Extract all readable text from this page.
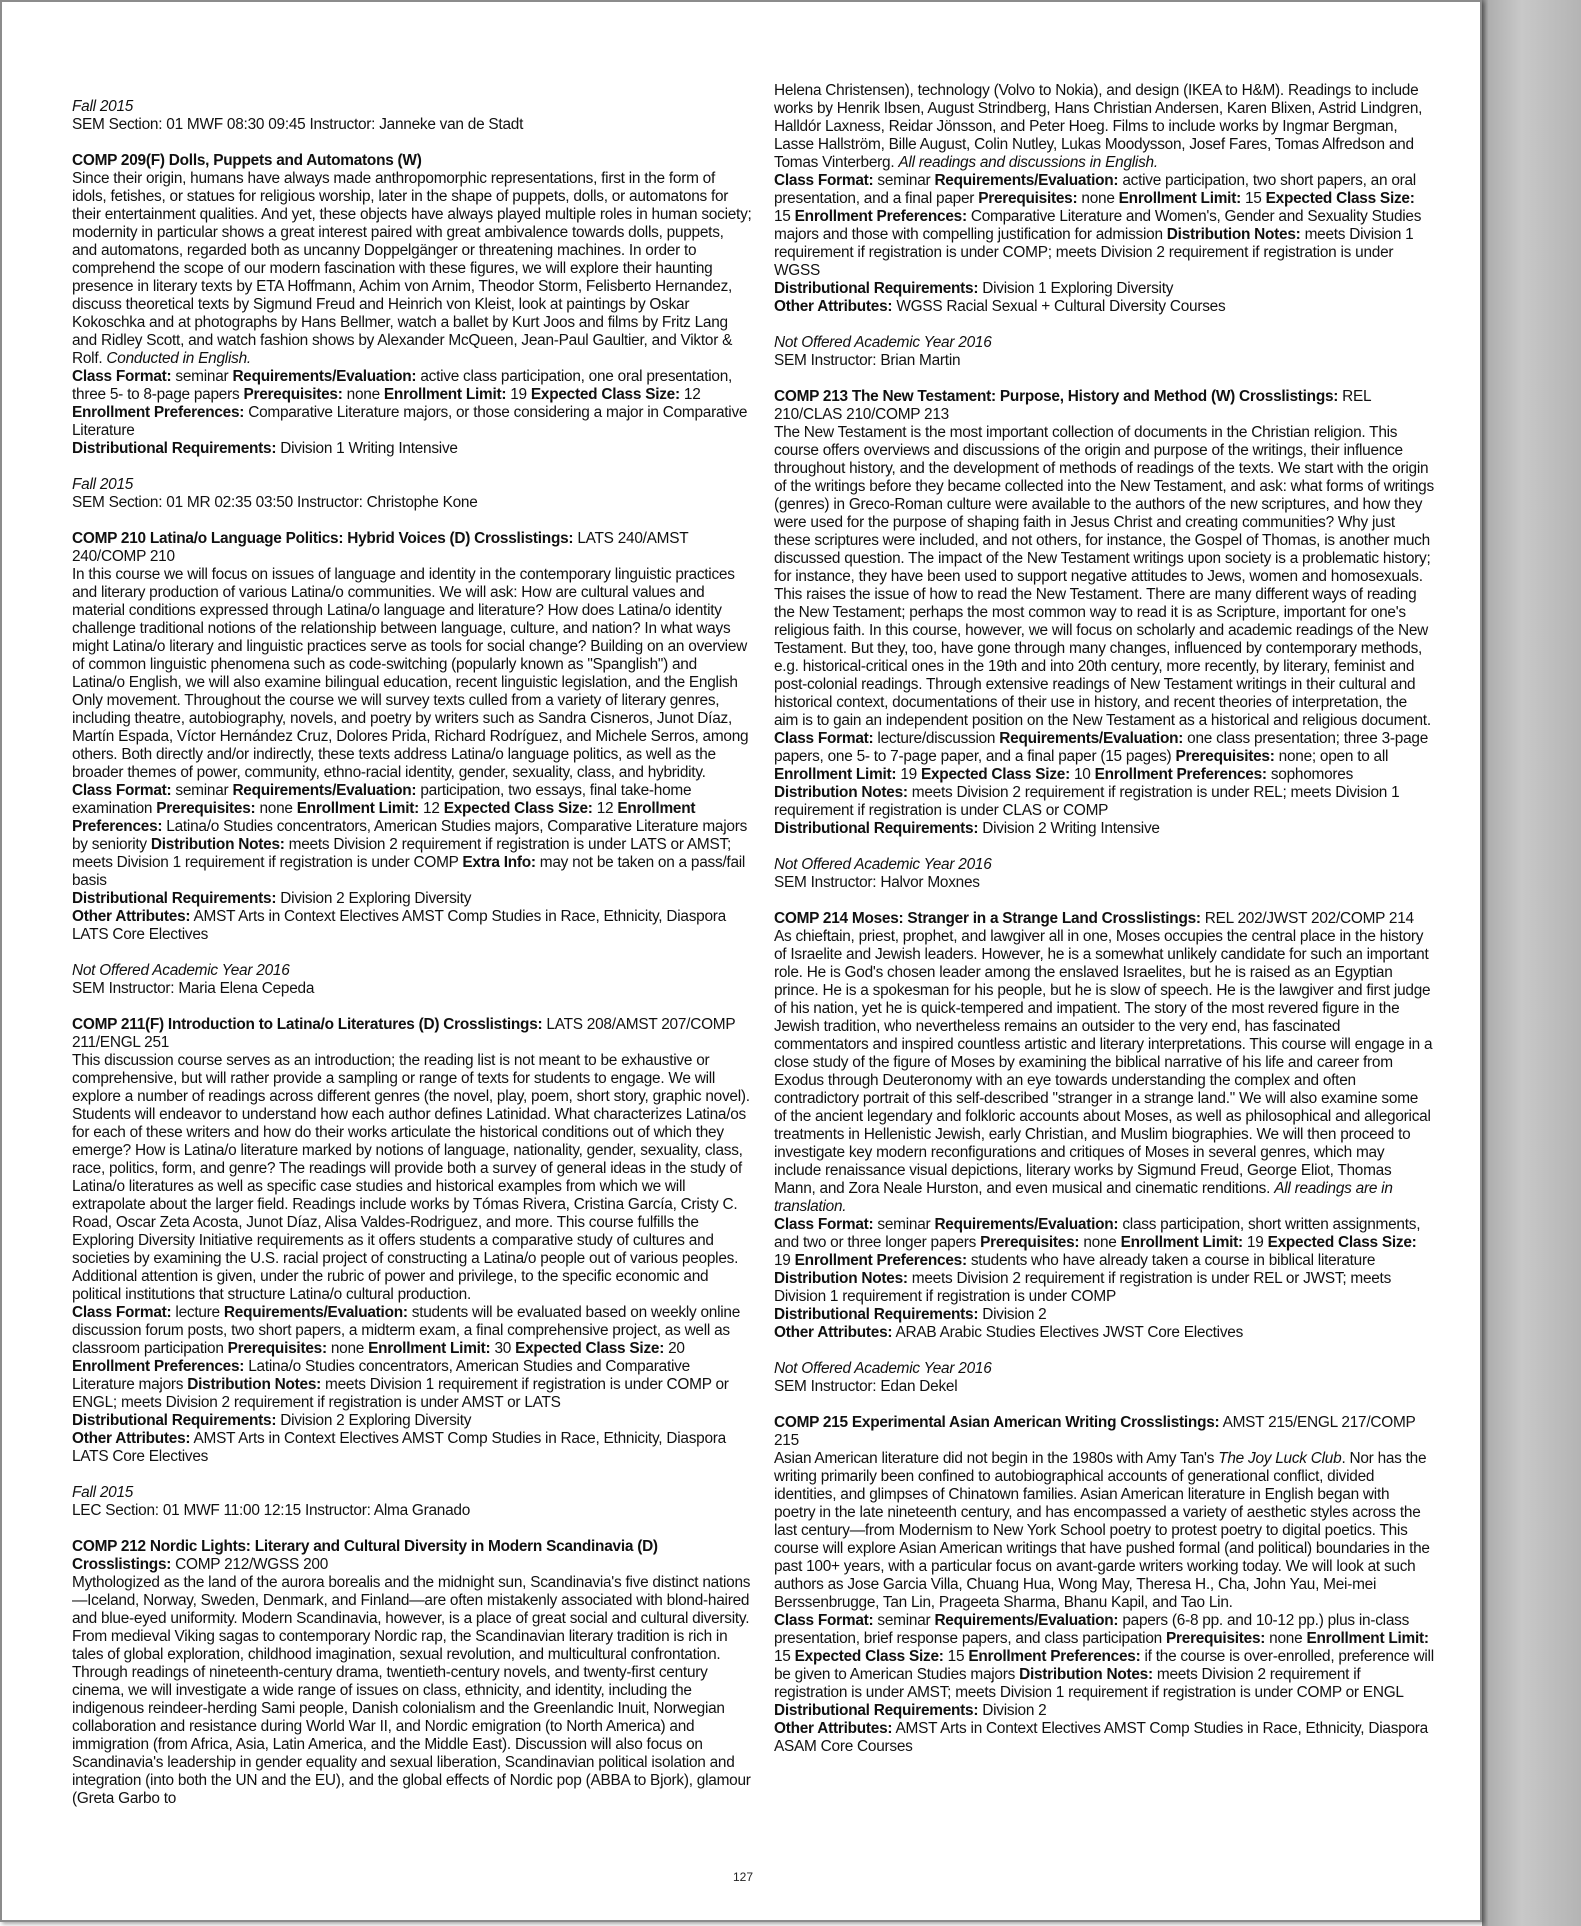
Fall 2015

SEM Section: 01 MWF 08:30 09:45 Instructor: Janneke van de Stadt

COMP 209(F) Dolls, Puppets and Automatons (W)
Since their origin, humans have always made anthropomorphic representations, first in the form of idols, fetishes, or statues for religious worship, later in the shape of puppets, dolls, or automatons for their entertainment qualities. And yet, these objects have always played multiple roles in human society; modernity in particular shows a great interest paired with great ambivalence towards dolls, puppets, and automatons, regarded both as uncanny Doppelgänger or threatening machines. In order to comprehend the scope of our modern fascination with these figures, we will explore their haunting presence in literary texts by ETA Hoffmann, Achim von Arnim, Theodor Storm, Felisberto Hernandez, discuss theoretical texts by Sigmund Freud and Heinrich von Kleist, look at paintings by Oskar Kokoschka and at photographs by Hans Bellmer, watch a ballet by Kurt Joos and films by Fritz Lang and Ridley Scott, and watch fashion shows by Alexander McQueen, Jean-Paul Gaultier, and Viktor & Rolf. Conducted in English.
Class Format: seminar Requirements/Evaluation: active class participation, one oral presentation, three 5- to 8-page papers Prerequisites: none Enrollment Limit: 19 Expected Class Size: 12 Enrollment Preferences: Comparative Literature majors, or those considering a major in Comparative Literature
Distributional Requirements: Division 1 Writing Intensive

Fall 2015

SEM Section: 01 MR 02:35 03:50 Instructor: Christophe Kone

COMP 210 Latina/o Language Politics: Hybrid Voices (D) Crosslistings: LATS 240/AMST 240/COMP 210
In this course we will focus on issues of language and identity in the contemporary linguistic practices and literary production of various Latina/o communities. We will ask: How are cultural values and material conditions expressed through Latina/o language and literature? How does Latina/o identity challenge traditional notions of the relationship between language, culture, and nation? In what ways might Latina/o literary and linguistic practices serve as tools for social change? Building on an overview of common linguistic phenomena such as code-switching (popularly known as "Spanglish") and Latina/o English, we will also examine bilingual education, recent linguistic legislation, and the English Only movement. Throughout the course we will survey texts culled from a variety of literary genres, including theatre, autobiography, novels, and poetry by writers such as Sandra Cisneros, Junot Díaz, Martín Espada, Víctor Hernández Cruz, Dolores Prida, Richard Rodríguez, and Michele Serros, among others. Both directly and/or indirectly, these texts address Latina/o language politics, as well as the broader themes of power, community, ethno-racial identity, gender, sexuality, class, and hybridity.
Class Format: seminar Requirements/Evaluation: participation, two essays, final take-home examination Prerequisites: none Enrollment Limit: 12 Expected Class Size: 12 Enrollment Preferences: Latina/o Studies concentrators, American Studies majors, Comparative Literature majors by seniority Distribution Notes: meets Division 2 requirement if registration is under LATS or AMST; meets Division 1 requirement if registration is under COMP Extra Info: may not be taken on a pass/fail basis
Distributional Requirements: Division 2 Exploring Diversity
Other Attributes: AMST Arts in Context Electives AMST Comp Studies in Race, Ethnicity, Diaspora LATS Core Electives

Not Offered Academic Year 2016

SEM Instructor: Maria Elena Cepeda

COMP 211(F) Introduction to Latina/o Literatures (D) Crosslistings: LATS 208/AMST 207/COMP 211/ENGL 251
This discussion course serves as an introduction; the reading list is not meant to be exhaustive or comprehensive, but will rather provide a sampling or range of texts for students to engage. We will explore a number of readings across different genres (the novel, play, poem, short story, graphic novel). Students will endeavor to understand how each author defines Latinidad. What characterizes Latina/os for each of these writers and how do their works articulate the historical conditions out of which they emerge? How is Latina/o literature marked by notions of language, nationality, gender, sexuality, class, race, politics, form, and genre? The readings will provide both a survey of general ideas in the study of Latina/o literatures as well as specific case studies and historical examples from which we will extrapolate about the larger field. Readings include works by Tómas Rivera, Cristina García, Cristy C. Road, Oscar Zeta Acosta, Junot Díaz, Alisa Valdes-Rodriguez, and more. This course fulfills the Exploring Diversity Initiative requirements as it offers students a comparative study of cultures and societies by examining the U.S. racial project of constructing a Latina/o people out of various peoples. Additional attention is given, under the rubric of power and privilege, to the specific economic and political institutions that structure Latina/o cultural production.
Class Format: lecture Requirements/Evaluation: students will be evaluated based on weekly online discussion forum posts, two short papers, a midterm exam, a final comprehensive project, as well as classroom participation Prerequisites: none Enrollment Limit: 30 Expected Class Size: 20 Enrollment Preferences: Latina/o Studies concentrators, American Studies and Comparative Literature majors Distribution Notes: meets Division 1 requirement if registration is under COMP or ENGL; meets Division 2 requirement if registration is under AMST or LATS
Distributional Requirements: Division 2 Exploring Diversity
Other Attributes: AMST Arts in Context Electives AMST Comp Studies in Race, Ethnicity, Diaspora LATS Core Electives

Fall 2015

LEC Section: 01 MWF 11:00 12:15 Instructor: Alma Granado

COMP 212 Nordic Lights: Literary and Cultural Diversity in Modern Scandinavia (D) Crosslistings: COMP 212/WGSS 200
Mythologized as the land of the aurora borealis and the midnight sun, Scandinavia's five distinct nations—Iceland, Norway, Sweden, Denmark, and Finland—are often mistakenly associated with blond-haired and blue-eyed uniformity. Modern Scandinavia, however, is a place of great social and cultural diversity. From medieval Viking sagas to contemporary Nordic rap, the Scandinavian literary tradition is rich in tales of global exploration, childhood imagination, sexual revolution, and multicultural confrontation. Through readings of nineteenth-century drama, twentieth-century novels, and twenty-first century cinema, we will investigate a wide range of issues on class, ethnicity, and identity, including the indigenous reindeer-herding Sami people, Danish colonialism and the Greenlandic Inuit, Norwegian collaboration and resistance during World War II, and Nordic emigration (to North America) and immigration (from Africa, Asia, Latin America, and the Middle East). Discussion will also focus on Scandinavia's leadership in gender equality and sexual liberation, Scandinavian political isolation and integration (into both the UN and the EU), and the global effects of Nordic pop (ABBA to Bjork), glamour (Greta Garbo to

Helena Christensen), technology (Volvo to Nokia), and design (IKEA to H&M). Readings to include works by Henrik Ibsen, August Strindberg, Hans Christian Andersen, Karen Blixen, Astrid Lindgren, Halldór Laxness, Reidar Jönsson, and Peter Hoeg. Films to include works by Ingmar Bergman, Lasse Hallström, Bille August, Colin Nutley, Lukas Moodysson, Josef Fares, Tomas Alfredson and Tomas Vinterberg. All readings and discussions in English.
Class Format: seminar Requirements/Evaluation: active participation, two short papers, an oral presentation, and a final paper Prerequisites: none Enrollment Limit: 15 Expected Class Size: 15 Enrollment Preferences: Comparative Literature and Women's, Gender and Sexuality Studies majors and those with compelling justification for admission Distribution Notes: meets Division 1 requirement if registration is under COMP; meets Division 2 requirement if registration is under WGSS
Distributional Requirements: Division 1 Exploring Diversity
Other Attributes: WGSS Racial Sexual + Cultural Diversity Courses

Not Offered Academic Year 2016

SEM Instructor: Brian Martin

COMP 213 The New Testament: Purpose, History and Method (W) Crosslistings: REL 210/CLAS 210/COMP 213
The New Testament is the most important collection of documents in the Christian religion. This course offers overviews and discussions of the origin and purpose of the writings, their influence throughout history, and the development of methods of readings of the texts. We start with the origin of the writings before they became collected into the New Testament, and ask: what forms of writings (genres) in Greco-Roman culture were available to the authors of the new scriptures, and how they were used for the purpose of shaping faith in Jesus Christ and creating communities? Why just these scriptures were included, and not others, for instance, the Gospel of Thomas, is another much discussed question. The impact of the New Testament writings upon society is a problematic history; for instance, they have been used to support negative attitudes to Jews, women and homosexuals. This raises the issue of how to read the New Testament. There are many different ways of reading the New Testament; perhaps the most common way to read it is as Scripture, important for one's religious faith. In this course, however, we will focus on scholarly and academic readings of the New Testament. But they, too, have gone through many changes, influenced by contemporary methods, e.g. historical-critical ones in the 19th and into 20th century, more recently, by literary, feminist and post-colonial readings. Through extensive readings of New Testament writings in their cultural and historical context, documentations of their use in history, and recent theories of interpretation, the aim is to gain an independent position on the New Testament as a historical and religious document.
Class Format: lecture/discussion Requirements/Evaluation: one class presentation; three 3-page papers, one 5- to 7-page paper, and a final paper (15 pages) Prerequisites: none; open to all Enrollment Limit: 19 Expected Class Size: 10 Enrollment Preferences: sophomores Distribution Notes: meets Division 2 requirement if registration is under REL; meets Division 1 requirement if registration is under CLAS or COMP
Distributional Requirements: Division 2 Writing Intensive

Not Offered Academic Year 2016

SEM Instructor: Halvor Moxnes

COMP 214 Moses: Stranger in a Strange Land Crosslistings: REL 202/JWST 202/COMP 214
As chieftain, priest, prophet, and lawgiver all in one, Moses occupies the central place in the history of Israelite and Jewish leaders. However, he is a somewhat unlikely candidate for such an important role. He is God's chosen leader among the enslaved Israelites, but he is raised as an Egyptian prince. He is a spokesman for his people, but he is slow of speech. He is the lawgiver and first judge of his nation, yet he is quick-tempered and impatient. The story of the most revered figure in the Jewish tradition, who nevertheless remains an outsider to the very end, has fascinated commentators and inspired countless artistic and literary interpretations. This course will engage in a close study of the figure of Moses by examining the biblical narrative of his life and career from Exodus through Deuteronomy with an eye towards understanding the complex and often contradictory portrait of this self-described "stranger in a strange land." We will also examine some of the ancient legendary and folkloric accounts about Moses, as well as philosophical and allegorical treatments in Hellenistic Jewish, early Christian, and Muslim biographies. We will then proceed to investigate key modern reconfigurations and critiques of Moses in several genres, which may include renaissance visual depictions, literary works by Sigmund Freud, George Eliot, Thomas Mann, and Zora Neale Hurston, and even musical and cinematic renditions. All readings are in translation.
Class Format: seminar Requirements/Evaluation: class participation, short written assignments, and two or three longer papers Prerequisites: none Enrollment Limit: 19 Expected Class Size: 19 Enrollment Preferences: students who have already taken a course in biblical literature Distribution Notes: meets Division 2 requirement if registration is under REL or JWST; meets Division 1 requirement if registration is under COMP
Distributional Requirements: Division 2
Other Attributes: ARAB Arabic Studies Electives JWST Core Electives

Not Offered Academic Year 2016

SEM Instructor: Edan Dekel

COMP 215 Experimental Asian American Writing Crosslistings: AMST 215/ENGL 217/COMP 215
Asian American literature did not begin in the 1980s with Amy Tan's The Joy Luck Club. Nor has the writing primarily been confined to autobiographical accounts of generational conflict, divided identities, and glimpses of Chinatown families. Asian American literature in English began with poetry in the late nineteenth century, and has encompassed a variety of aesthetic styles across the last century—from Modernism to New York School poetry to protest poetry to digital poetics. This course will explore Asian American writings that have pushed formal (and political) boundaries in the past 100+ years, with a particular focus on avant-garde writers working today. We will look at such authors as Jose Garcia Villa, Chuang Hua, Wong May, Theresa H., Cha, John Yau, Mei-mei Berssenbrugge, Tan Lin, Prageeta Sharma, Bhanu Kapil, and Tao Lin.
Class Format: seminar Requirements/Evaluation: papers (6-8 pp. and 10-12 pp.) plus in-class presentation, brief response papers, and class participation Prerequisites: none Enrollment Limit: 15 Expected Class Size: 15 Enrollment Preferences: if the course is over-enrolled, preference will be given to American Studies majors Distribution Notes: meets Division 2 requirement if registration is under AMST; meets Division 1 requirement if registration is under COMP or ENGL
Distributional Requirements: Division 2
Other Attributes: AMST Arts in Context Electives AMST Comp Studies in Race, Ethnicity, Diaspora ASAM Core Courses

127
